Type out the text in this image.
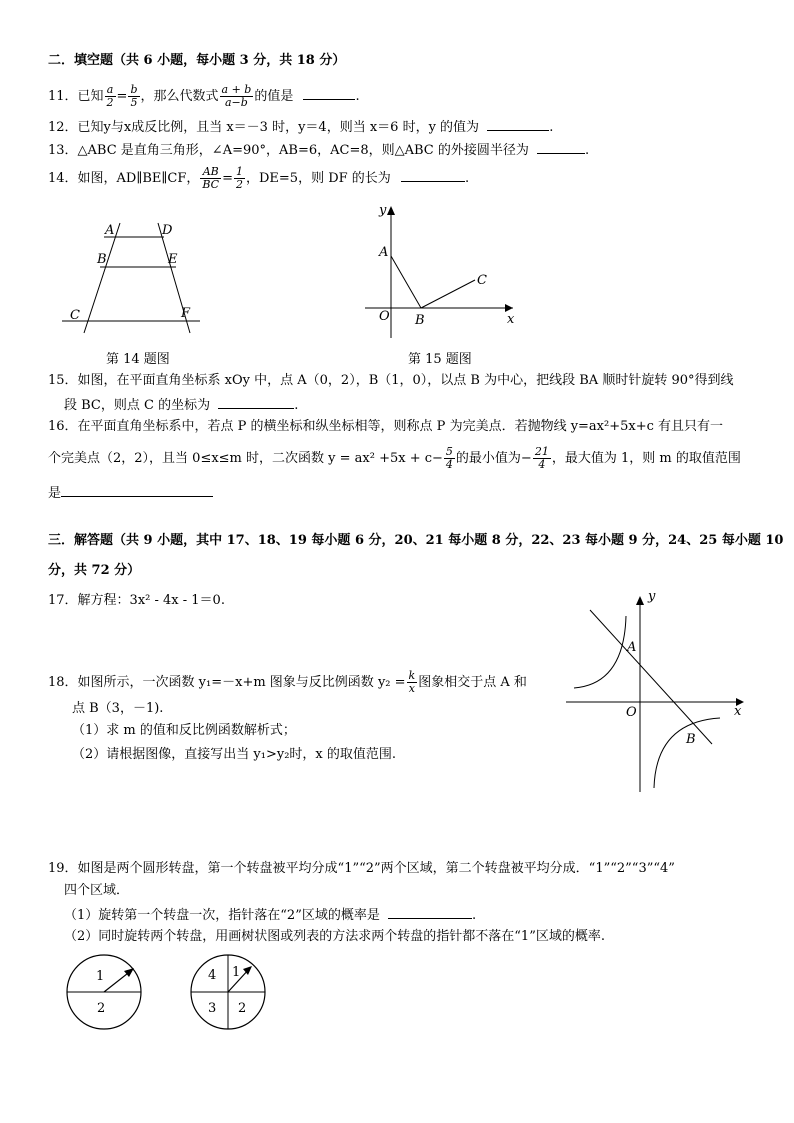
二．填空题（共 6 小题，每小题 3 分，共 18 分）
11．已知 $\frac{a}{2} = \frac{b}{5}$ ，那么代数式 $\frac{a + b}{a-b}$ 的值是	.
12．已知y与x成反比例，且当 x＝－3 时，y＝4，则当 x＝6 时，y 的值为	.
13．△ABC 是直角三角形，∠A=90°，AB=6，AC=8，则△ABC 的外接圆半径为	.
14．如图，AD∥BE∥CF， $\frac{AB}{BC} = \frac{1}{2}$ ，DE=5，则 DF 的长为	.
A	D
B	E
C	F
第 14 题图
y
A
C
O B	x
第 15 题图
15．如图，在平面直角坐标系 xOy 中，点 A（0，2），B（1，0），以点 B 为中心，把线段 BA 顺时针旋转 90°得到线
段 BC，则点 C 的坐标为	.
16．在平面直角坐标系中，若点 P 的横坐标和纵坐标相等，则称点 P 为完美点．若抛物线 y=ax²+5x+c 有且只有一
个完美点（2，2），且当 0≤x≤m 时，二次函数 $y = ax^2 +5x + c- \frac{5}{4}$ 的最小值为− $\frac{21}{4}$ ，最大值为 1，则 m 的取值范围
是
三．解答题（共 9 小题，其中 17、18、19 每小题 6 分，20、21 每小题 8 分，22、23 每小题 9 分，24、25 每小题 10
分，共 72 分）
17．解方程：3x² - 4x - 1＝0.
18．如图所示，一次函数 y₁=－x+m 图象与反比例函数 $y_2 = \frac{k}{x}$ 图象相交于点 A 和
点 B（3，－1).
（1）求 m 的值和反比例函数解析式；
（2）请根据图像，直接写出当 y₁>y₂时，x 的取值范围.
y
A
O	x
B
19．如图是两个圆形转盘，第一个转盘被平均分成“1”“2”两个区域，第二个转盘被平均分成．“1”“2”“3”“4”
四个区域．
（1）旋转第一个转盘一次，指针落在“2”区域的概率是	.
（2）同时旋转两个转盘，用画树状图或列表的方法求两个转盘的指针都不落在“1”区域的概率.
1
2
4 1
3 2
